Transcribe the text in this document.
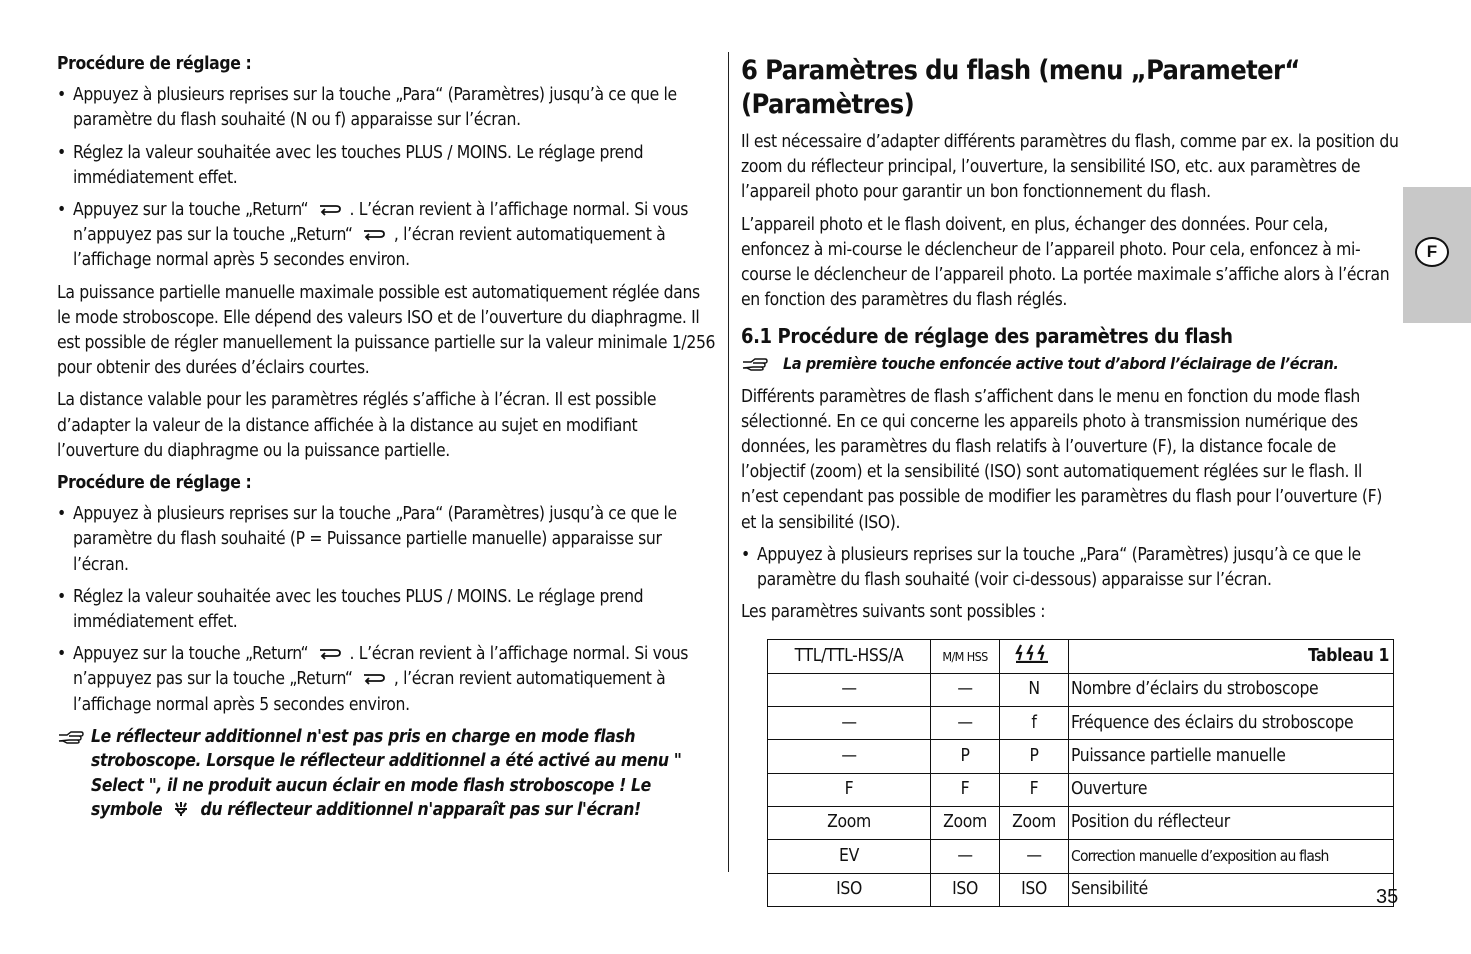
Procédure de réglage :

• Appuyez à plusieurs reprises sur la touche „Para“ (Paramètres) jusqu’à ce que le paramètre du flash souhaité (N ou f) apparaisse sur l’écran.
• Réglez la valeur souhaitée avec les touches PLUS / MOINS. Le réglage prend immédiatement effet.
• Appuyez sur la touche „Return“ . L’écran revient à l’affichage normal. Si vous n’appuyez pas sur la touche „Return“ , l’écran revient automatiquement à l’affichage normal après 5 secondes environ.

La puissance partielle manuelle maximale possible est automatiquement réglée dans le mode stroboscope. Elle dépend des valeurs ISO et de l’ouverture du diaphragme. Il est possible de régler manuellement la puissance partielle sur la valeur minimale 1/256 pour obtenir des durées d’éclairs courtes.

La distance valable pour les paramètres réglés s’affiche à l’écran. Il est possible d’adapter la valeur de la distance affichée à la distance au sujet en modifiant l’ouverture du diaphragme ou la puissance partielle.

Procédure de réglage :

• Appuyez à plusieurs reprises sur la touche „Para“ (Paramètres) jusqu’à ce que le paramètre du flash souhaité (P = Puissance partielle manuelle) apparaisse sur l’écran.
• Réglez la valeur souhaitée avec les touches PLUS / MOINS. Le réglage prend immédiatement effet.
• Appuyez sur la touche „Return“ . L’écran revient à l’affichage normal. Si vous n’appuyez pas sur la touche „Return“ , l’écran revient automatiquement à l’affichage normal après 5 secondes environ.
Le réflecteur additionnel n'est pas pris en charge en mode flash stroboscope. Lorsque le réflecteur additionnel a été activé au menu " Select ", il ne produit aucun éclair en mode flash stroboscope ! Le symbole du réflecteur additionnel n'apparaît pas sur l'écran!
6 Paramètres du flash (menu „Parameter“ (Paramètres)

Il est nécessaire d’adapter différents paramètres du flash, comme par ex. la position du zoom du réflecteur principal, l’ouverture, la sensibilité ISO, etc. aux paramètres de l’appareil photo pour garantir un bon fonctionnement du flash.

L’appareil photo et le flash doivent, en plus, échanger des données. Pour cela, enfoncez à mi-course le déclencheur de l’appareil photo. Pour cela, enfoncez à mi-course le déclencheur de l’appareil photo. La portée maximale s’affiche alors à l’écran en fonction des paramètres du flash réglés.

6.1 Procédure de réglage des paramètres du flash
La première touche enfoncée active tout d’abord l’éclairage de l’écran.

Différents paramètres de flash s’affichent dans le menu en fonction du mode flash sélectionné. En ce qui concerne les appareils photo à transmission numérique des données, les paramètres du flash relatifs à l’ouverture (F), la distance focale de l’objectif (zoom) et la sensibilité (ISO) sont automatiquement réglées sur le flash. Il n’est cependant pas possible de modifier les paramètres du flash pour l’ouverture (F) et la sensibilité (ISO).

• Appuyez à plusieurs reprises sur la touche „Para“ (Paramètres) jusqu’à ce que le paramètre du flash souhaité (voir ci-dessous) apparaisse sur l’écran.

Les paramètres suivants sont possibles :

TTL/TTL-HSS/A	M/M HSS		Tableau 1
—	—	N	Nombre d’éclairs du stroboscope
—	—	f	Fréquence des éclairs du stroboscope
—	P	P	Puissance partielle manuelle
F	F	F	Ouverture
Zoom	Zoom	Zoom	Position du réflecteur
EV	—	—	Correction manuelle d’exposition au flash
ISO	ISO	ISO	Sensibilité
F
35
